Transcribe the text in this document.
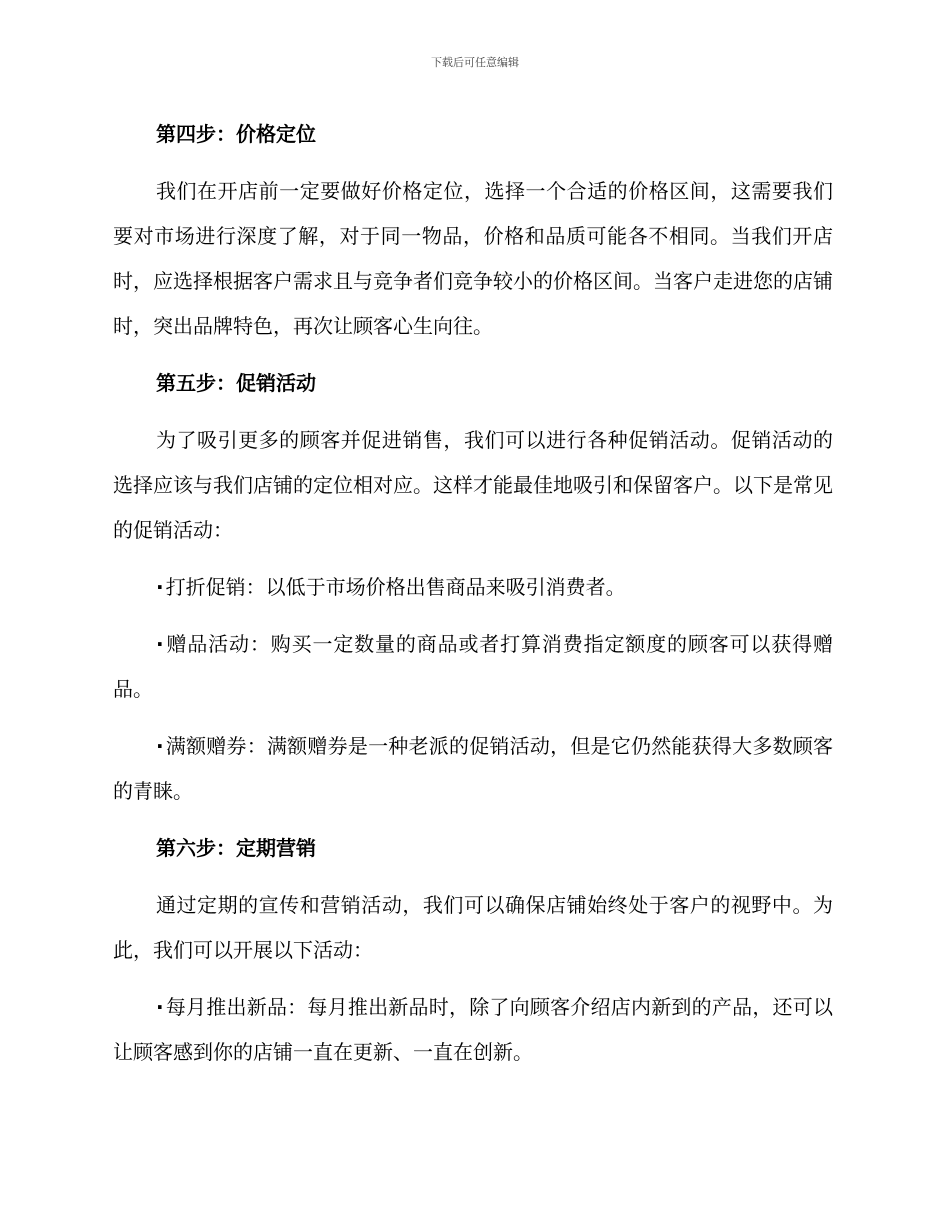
下载后可任意编辑
第四步：价格定位

我们在开店前一定要做好价格定位，选择一个合适的价格区间，这需要我们要对市场进行深度了解，对于同一物品，价格和品质可能各不相同。当我们开店时，应选择根据客户需求且与竞争者们竞争较小的价格区间。当客户走进您的店铺时，突出品牌特色，再次让顾客心生向往。

第五步：促销活动

为了吸引更多的顾客并促进销售，我们可以进行各种促销活动。促销活动的选择应该与我们店铺的定位相对应。这样才能最佳地吸引和保留客户。以下是常见的促销活动：

· 打折促销：以低于市场价格出售商品来吸引消费者。

· 赠品活动：购买一定数量的商品或者打算消费指定额度的顾客可以获得赠品。

· 满额赠券：满额赠券是一种老派的促销活动，但是它仍然能获得大多数顾客的青睐。

第六步：定期营销

通过定期的宣传和营销活动，我们可以确保店铺始终处于客户的视野中。为此，我们可以开展以下活动：

· 每月推出新品：每月推出新品时，除了向顾客介绍店内新到的产品，还可以让顾客感到你的店铺一直在更新、一直在创新。
